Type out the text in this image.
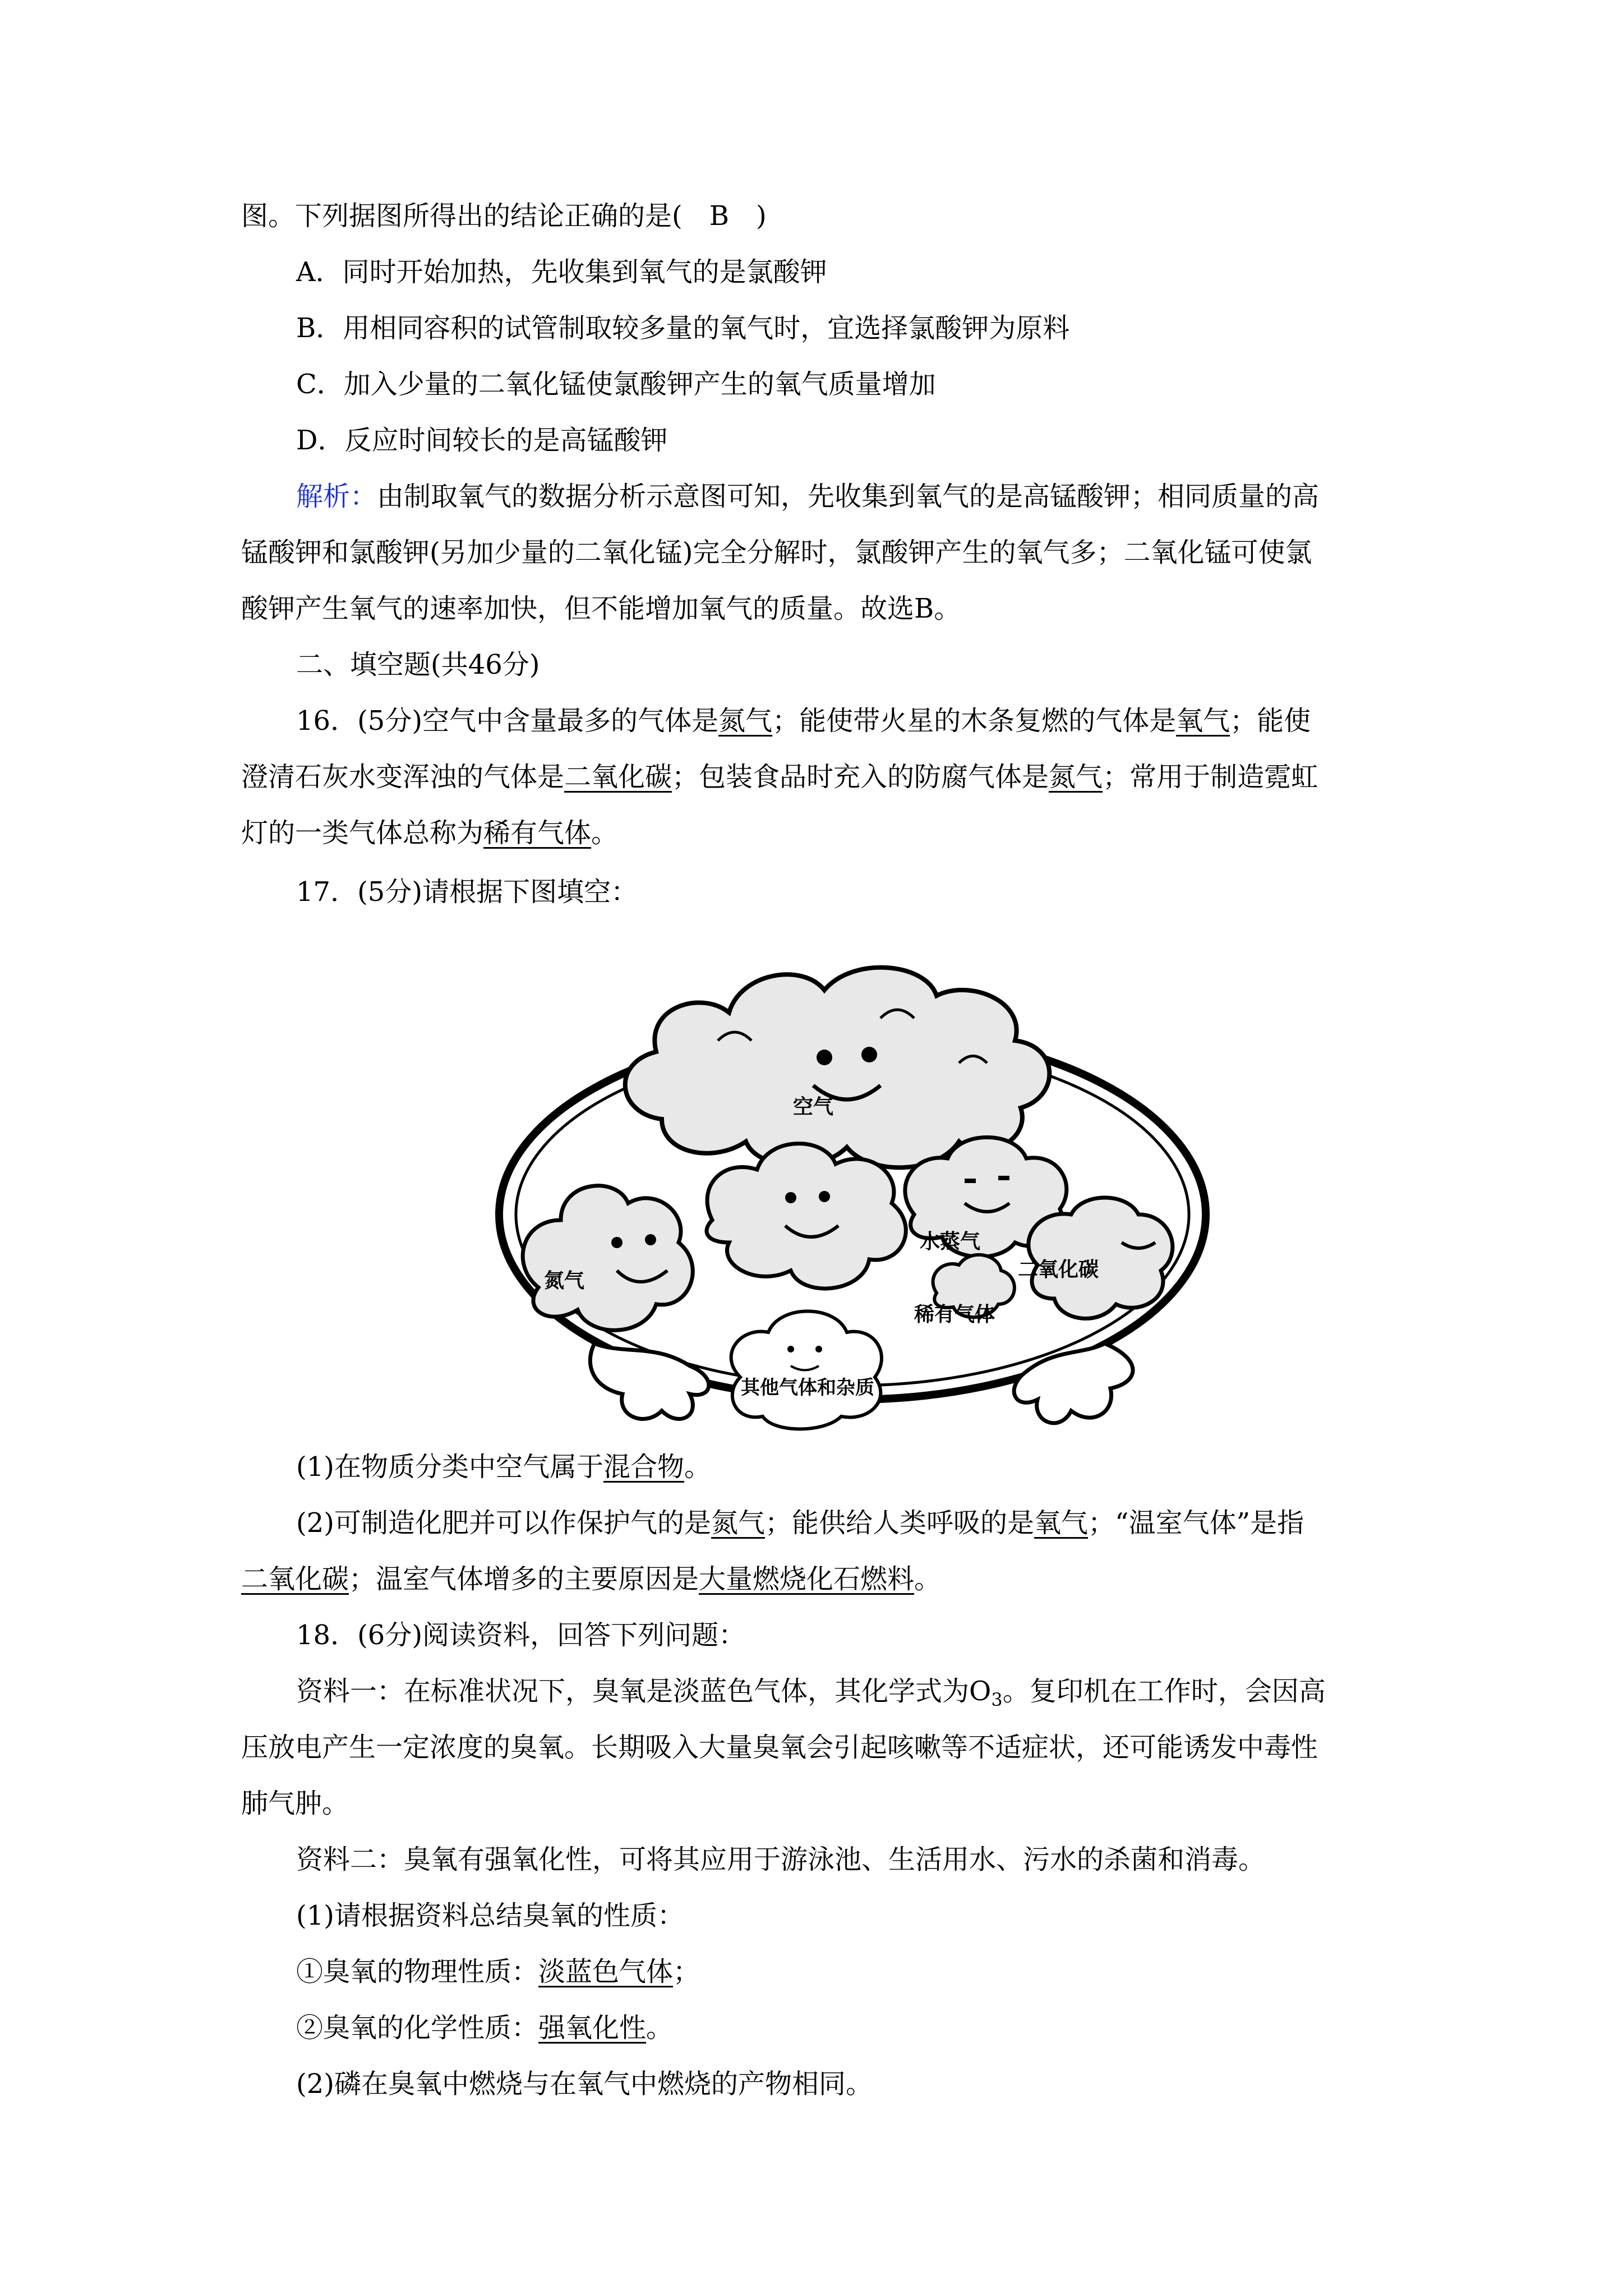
图。下列据图所得出的结论正确的是(　B　)
A．同时开始加热，先收集到氧气的是氯酸钾
B．用相同容积的试管制取较多量的氧气时，宜选择氯酸钾为原料
C．加入少量的二氧化锰使氯酸钾产生的氧气质量增加
D．反应时间较长的是高锰酸钾
解析：由制取氧气的数据分析示意图可知，先收集到氧气的是高锰酸钾；相同质量的高
锰酸钾和氯酸钾(另加少量的二氧化锰)完全分解时，氯酸钾产生的氧气多；二氧化锰可使氯
酸钾产生氧气的速率加快，但不能增加氧气的质量。故选B。
二、填空题(共46分)
16．(5分)空气中含量最多的气体是氮气；能使带火星的木条复燃的气体是氧气；能使
澄清石灰水变浑浊的气体是二氧化碳；包装食品时充入的防腐气体是氮气；常用于制造霓虹
灯的一类气体总称为稀有气体。
17．(5分)请根据下图填空：
空气
氮气
水蒸气
二氧化碳
稀有气体
其他气体和杂质
(1)在物质分类中空气属于混合物。
(2)可制造化肥并可以作保护气的是氮气；能供给人类呼吸的是氧气；“温室气体”是指
二氧化碳；温室气体增多的主要原因是大量燃烧化石燃料。
18．(6分)阅读资料，回答下列问题：
资料一：在标准状况下，臭氧是淡蓝色气体，其化学式为$O_3$。复印机在工作时，会因高
压放电产生一定浓度的臭氧。长期吸入大量臭氧会引起咳嗽等不适症状，还可能诱发中毒性
肺气肿。
资料二：臭氧有强氧化性，可将其应用于游泳池、生活用水、污水的杀菌和消毒。
(1)请根据资料总结臭氧的性质：
①臭氧的物理性质：淡蓝色气体；
②臭氧的化学性质：强氧化性。
(2)磷在臭氧中燃烧与在氧气中燃烧的产物相同。
